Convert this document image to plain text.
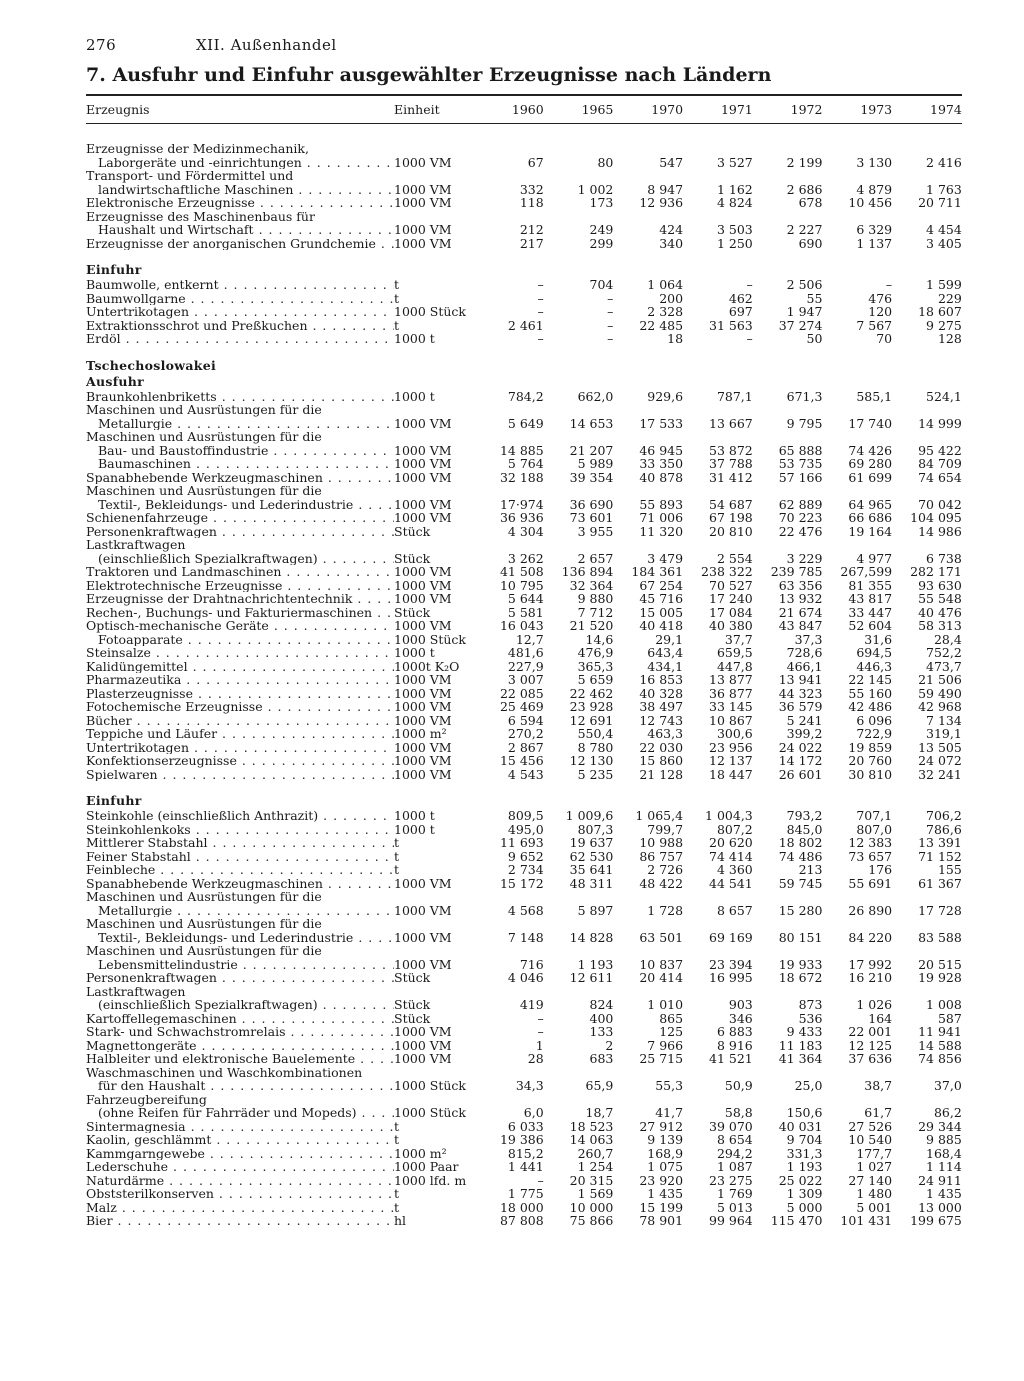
276	XII. Außenhandel
7. Ausfuhr und Einfuhr ausgewählter Erzeugnisse nach Ländern
Erzeugnis	Einheit	1960	1965	1970	1971	1972	1973	1974
Erzeugnisse der Medizinmechanik,
Laborgeräte und -einrichtungen . . .	1000 VM	67	80	547	3 527	2 199	3 130	2 416
Transport- und Fördermittel und
landwirtschaftliche Maschinen . . .	1000 VM	332	1 002	8 947	1 162	2 686	4 879	1 763
Elektronische Erzeugnisse . . .	1000 VM	118	173	12 936	4 824	678	10 456	20 711
Erzeugnisse des Maschinenbaus für
Haushalt und Wirtschaft . . .	1000 VM	212	249	424	3 503	2 227	6 329	4 454
Erzeugnisse der anorganischen Grundchemie . . .	1000 VM	217	299	340	1 250	690	1 137	3 405
Einfuhr
Baumwolle, entkernt . . .	t	–	704	1 064	–	2 506	–	1 599
Baumwollgarne . . .	t	–	–	200	462	55	476	229
Untertrikotagen . . .	1000 Stück	–	–	2 328	697	1 947	120	18 607
Extraktionsschrot und Preßkuchen . . .	t	2 461	–	22 485	31 563	37 274	7 567	9 275
Erdöl . . .	1000 t	–	–	18	–	50	70	128
Tschechoslowakei
Ausfuhr
Braunkohlenbriketts . . .	1000 t	784,2	662,0	929,6	787,1	671,3	585,1	524,1
Maschinen und Ausrüstungen für die
Metallurgie . . .	1000 VM	5 649	14 653	17 533	13 667	9 795	17 740	14 999
Maschinen und Ausrüstungen für die
Bau- und Baustoffindustrie . . .	1000 VM	14 885	21 207	46 945	53 872	65 888	74 426	95 422
Baumaschinen . . .	1000 VM	5 764	5 989	33 350	37 788	53 735	69 280	84 709
Spanabhebende Werkzeugmaschinen . . .	1000 VM	32 188	39 354	40 878	31 412	57 166	61 699	74 654
Maschinen und Ausrüstungen für die
Textil-, Bekleidungs- und Lederindustrie . . .	1000 VM	17·974	36 690	55 893	54 687	62 889	64 965	70 042
Schienenfahrzeuge . . .	1000 VM	36 936	73 601	71 006	67 198	70 223	66 686	104 095
Personenkraftwagen . . .	Stück	4 304	3 955	11 320	20 810	22 476	19 164	14 986
Lastkraftwagen
(einschließlich Spezialkraftwagen) . . .	Stück	3 262	2 657	3 479	2 554	3 229	4 977	6 738
Traktoren und Landmaschinen . . .	1000 VM	41 508	136 894	184 361	238 322	239 785	267,599	282 171
Elektrotechnische Erzeugnisse . . .	1000 VM	10 795	32 364	67 254	70 527	63 356	81 355	93 630
Erzeugnisse der Drahtnachrichtentechnik . . .	1000 VM	5 644	9 880	45 716	17 240	13 932	43 817	55 548
Rechen-, Buchungs- und Fakturiermaschinen . . .	Stück	5 581	7 712	15 005	17 084	21 674	33 447	40 476
Optisch-mechanische Geräte . . .	1000 VM	16 043	21 520	40 418	40 380	43 847	52 604	58 313
Fotoapparate . . .	1000 Stück	12,7	14,6	29,1	37,7	37,3	31,6	28,4
Steinsalze . . .	1000 t	481,6	476,9	643,4	659,5	728,6	694,5	752,2
Kalidüngemittel . . .	1000t K₂O	227,9	365,3	434,1	447,8	466,1	446,3	473,7
Pharmazeutika . . .	1000 VM	3 007	5 659	16 853	13 877	13 941	22 145	21 506
Plasterzeugnisse . . .	1000 VM	22 085	22 462	40 328	36 877	44 323	55 160	59 490
Fotochemische Erzeugnisse . . .	1000 VM	25 469	23 928	38 497	33 145	36 579	42 486	42 968
Bücher . . .	1000 VM	6 594	12 691	12 743	10 867	5 241	6 096	7 134
Teppiche und Läufer . . .	1000 m²	270,2	550,4	463,3	300,6	399,2	722,9	319,1
Untertrikotagen . . .	1000 VM	2 867	8 780	22 030	23 956	24 022	19 859	13 505
Konfektionserzeugnisse . . .	1000 VM	15 456	12 130	15 860	12 137	14 172	20 760	24 072
Spielwaren . . .	1000 VM	4 543	5 235	21 128	18 447	26 601	30 810	32 241
Einfuhr
Steinkohle (einschließlich Anthrazit) . . .	1000 t	809,5	1 009,6	1 065,4	1 004,3	793,2	707,1	706,2
Steinkohlenkoks . . .	1000 t	495,0	807,3	799,7	807,2	845,0	807,0	786,6
Mittlerer Stabstahl . . .	t	11 693	19 637	10 988	20 620	18 802	12 383	13 391
Feiner Stabstahl . . .	t	9 652	62 530	86 757	74 414	74 486	73 657	71 152
Feinbleche . . .	t	2 734	35 641	2 726	4 360	213	176	155
Spanabhebende Werkzeugmaschinen . . .	1000 VM	15 172	48 311	48 422	44 541	59 745	55 691	61 367
Maschinen und Ausrüstungen für die
Metallurgie . . .	1000 VM	4 568	5 897	1 728	8 657	15 280	26 890	17 728
Maschinen und Ausrüstungen für die
Textil-, Bekleidungs- und Lederindustrie . . .	1000 VM	7 148	14 828	63 501	69 169	80 151	84 220	83 588
Maschinen und Ausrüstungen für die
Lebensmittelindustrie . . .	1000 VM	716	1 193	10 837	23 394	19 933	17 992	20 515
Personenkraftwagen . . .	Stück	4 046	12 611	20 414	16 995	18 672	16 210	19 928
Lastkraftwagen
(einschließlich Spezialkraftwagen) . . .	Stück	419	824	1 010	903	873	1 026	1 008
Kartoffellegemaschinen . . .	Stück	–	400	865	346	536	164	587
Stark- und Schwachstromrelais . . .	1000 VM	–	133	125	6 883	9 433	22 001	11 941
Magnettongeräte . . .	1000 VM	1	2	7 966	8 916	11 183	12 125	14 588
Halbleiter und elektronische Bauelemente . . .	1000 VM	28	683	25 715	41 521	41 364	37 636	74 856
Waschmaschinen und Waschkombinationen
für den Haushalt . . .	1000 Stück	34,3	65,9	55,3	50,9	25,0	38,7	37,0
Fahrzeugbereifung
(ohne Reifen für Fahrräder und Mopeds) . . .	1000 Stück	6,0	18,7	41,7	58,8	150,6	61,7	86,2
Sintermagnesia . . .	t	6 033	18 523	27 912	39 070	40 031	27 526	29 344
Kaolin, geschlämmt . . .	t	19 386	14 063	9 139	8 654	9 704	10 540	9 885
Kammgarngewebe . . .	1000 m²	815,2	260,7	168,9	294,2	331,3	177,7	168,4
Lederschuhe . . .	1000 Paar	1 441	1 254	1 075	1 087	1 193	1 027	1 114
Naturdärme . . .	1000 lfd. m	–	20 315	23 920	23 275	25 022	27 140	24 911
Obststerilkonserven . . .	t	1 775	1 569	1 435	1 769	1 309	1 480	1 435
Malz . . .	t	18 000	10 000	15 199	5 013	5 000	5 001	13 000
Bier . . .	hl	87 808	75 866	78 901	99 964	115 470	101 431	199 675
